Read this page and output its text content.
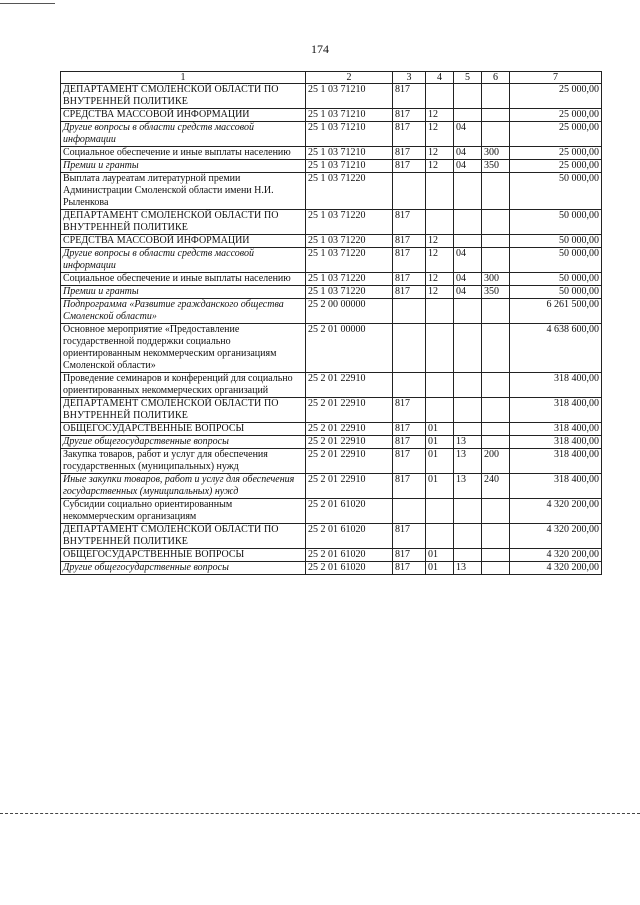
174
1	2	3	4	5	6	7
ДЕПАРТАМЕНТ СМОЛЕНСКОЙ ОБЛАСТИ ПО ВНУТРЕННЕЙ ПОЛИТИКЕ	25 1 03 71210	817				25 000,00
СРЕДСТВА МАССОВОЙ ИНФОРМАЦИИ	25 1 03 71210	817	12			25 000,00
Другие вопросы в области средств массовой информации	25 1 03 71210	817	12	04		25 000,00
Социальное обеспечение и иные выплаты населению	25 1 03 71210	817	12	04	300	25 000,00
Премии и гранты	25 1 03 71210	817	12	04	350	25 000,00
Выплата лауреатам литературной премии Администрации Смоленской области имени Н.И. Рыленкова	25 1 03 71220					50 000,00
ДЕПАРТАМЕНТ СМОЛЕНСКОЙ ОБЛАСТИ ПО ВНУТРЕННЕЙ ПОЛИТИКЕ	25 1 03 71220	817				50 000,00
СРЕДСТВА МАССОВОЙ ИНФОРМАЦИИ	25 1 03 71220	817	12			50 000,00
Другие вопросы в области средств массовой информации	25 1 03 71220	817	12	04		50 000,00
Социальное обеспечение и иные выплаты населению	25 1 03 71220	817	12	04	300	50 000,00
Премии и гранты	25 1 03 71220	817	12	04	350	50 000,00
Подпрограмма «Развитие гражданского общества Смоленской области»	25 2 00 00000					6 261 500,00
Основное мероприятие «Предоставление государственной поддержки социально ориентированным некоммерческим организациям Смоленской области»	25 2 01 00000					4 638 600,00
Проведение семинаров и конференций для социально ориентированных некоммерческих организаций	25 2 01 22910					318 400,00
ДЕПАРТАМЕНТ СМОЛЕНСКОЙ ОБЛАСТИ ПО ВНУТРЕННЕЙ ПОЛИТИКЕ	25 2 01 22910	817				318 400,00
ОБЩЕГОСУДАРСТВЕННЫЕ ВОПРОСЫ	25 2 01 22910	817	01			318 400,00
Другие общегосударственные вопросы	25 2 01 22910	817	01	13		318 400,00
Закупка товаров, работ и услуг для обеспечения государственных (муниципальных) нужд	25 2 01 22910	817	01	13	200	318 400,00
Иные закупки товаров, работ и услуг для обеспечения государственных (муниципальных) нужд	25 2 01 22910	817	01	13	240	318 400,00
Субсидии социально ориентированным некоммерческим организациям	25 2 01 61020					4 320 200,00
ДЕПАРТАМЕНТ СМОЛЕНСКОЙ ОБЛАСТИ ПО ВНУТРЕННЕЙ ПОЛИТИКЕ	25 2 01 61020	817				4 320 200,00
ОБЩЕГОСУДАРСТВЕННЫЕ ВОПРОСЫ	25 2 01 61020	817	01			4 320 200,00
Другие общегосударственные вопросы	25 2 01 61020	817	01	13		4 320 200,00
